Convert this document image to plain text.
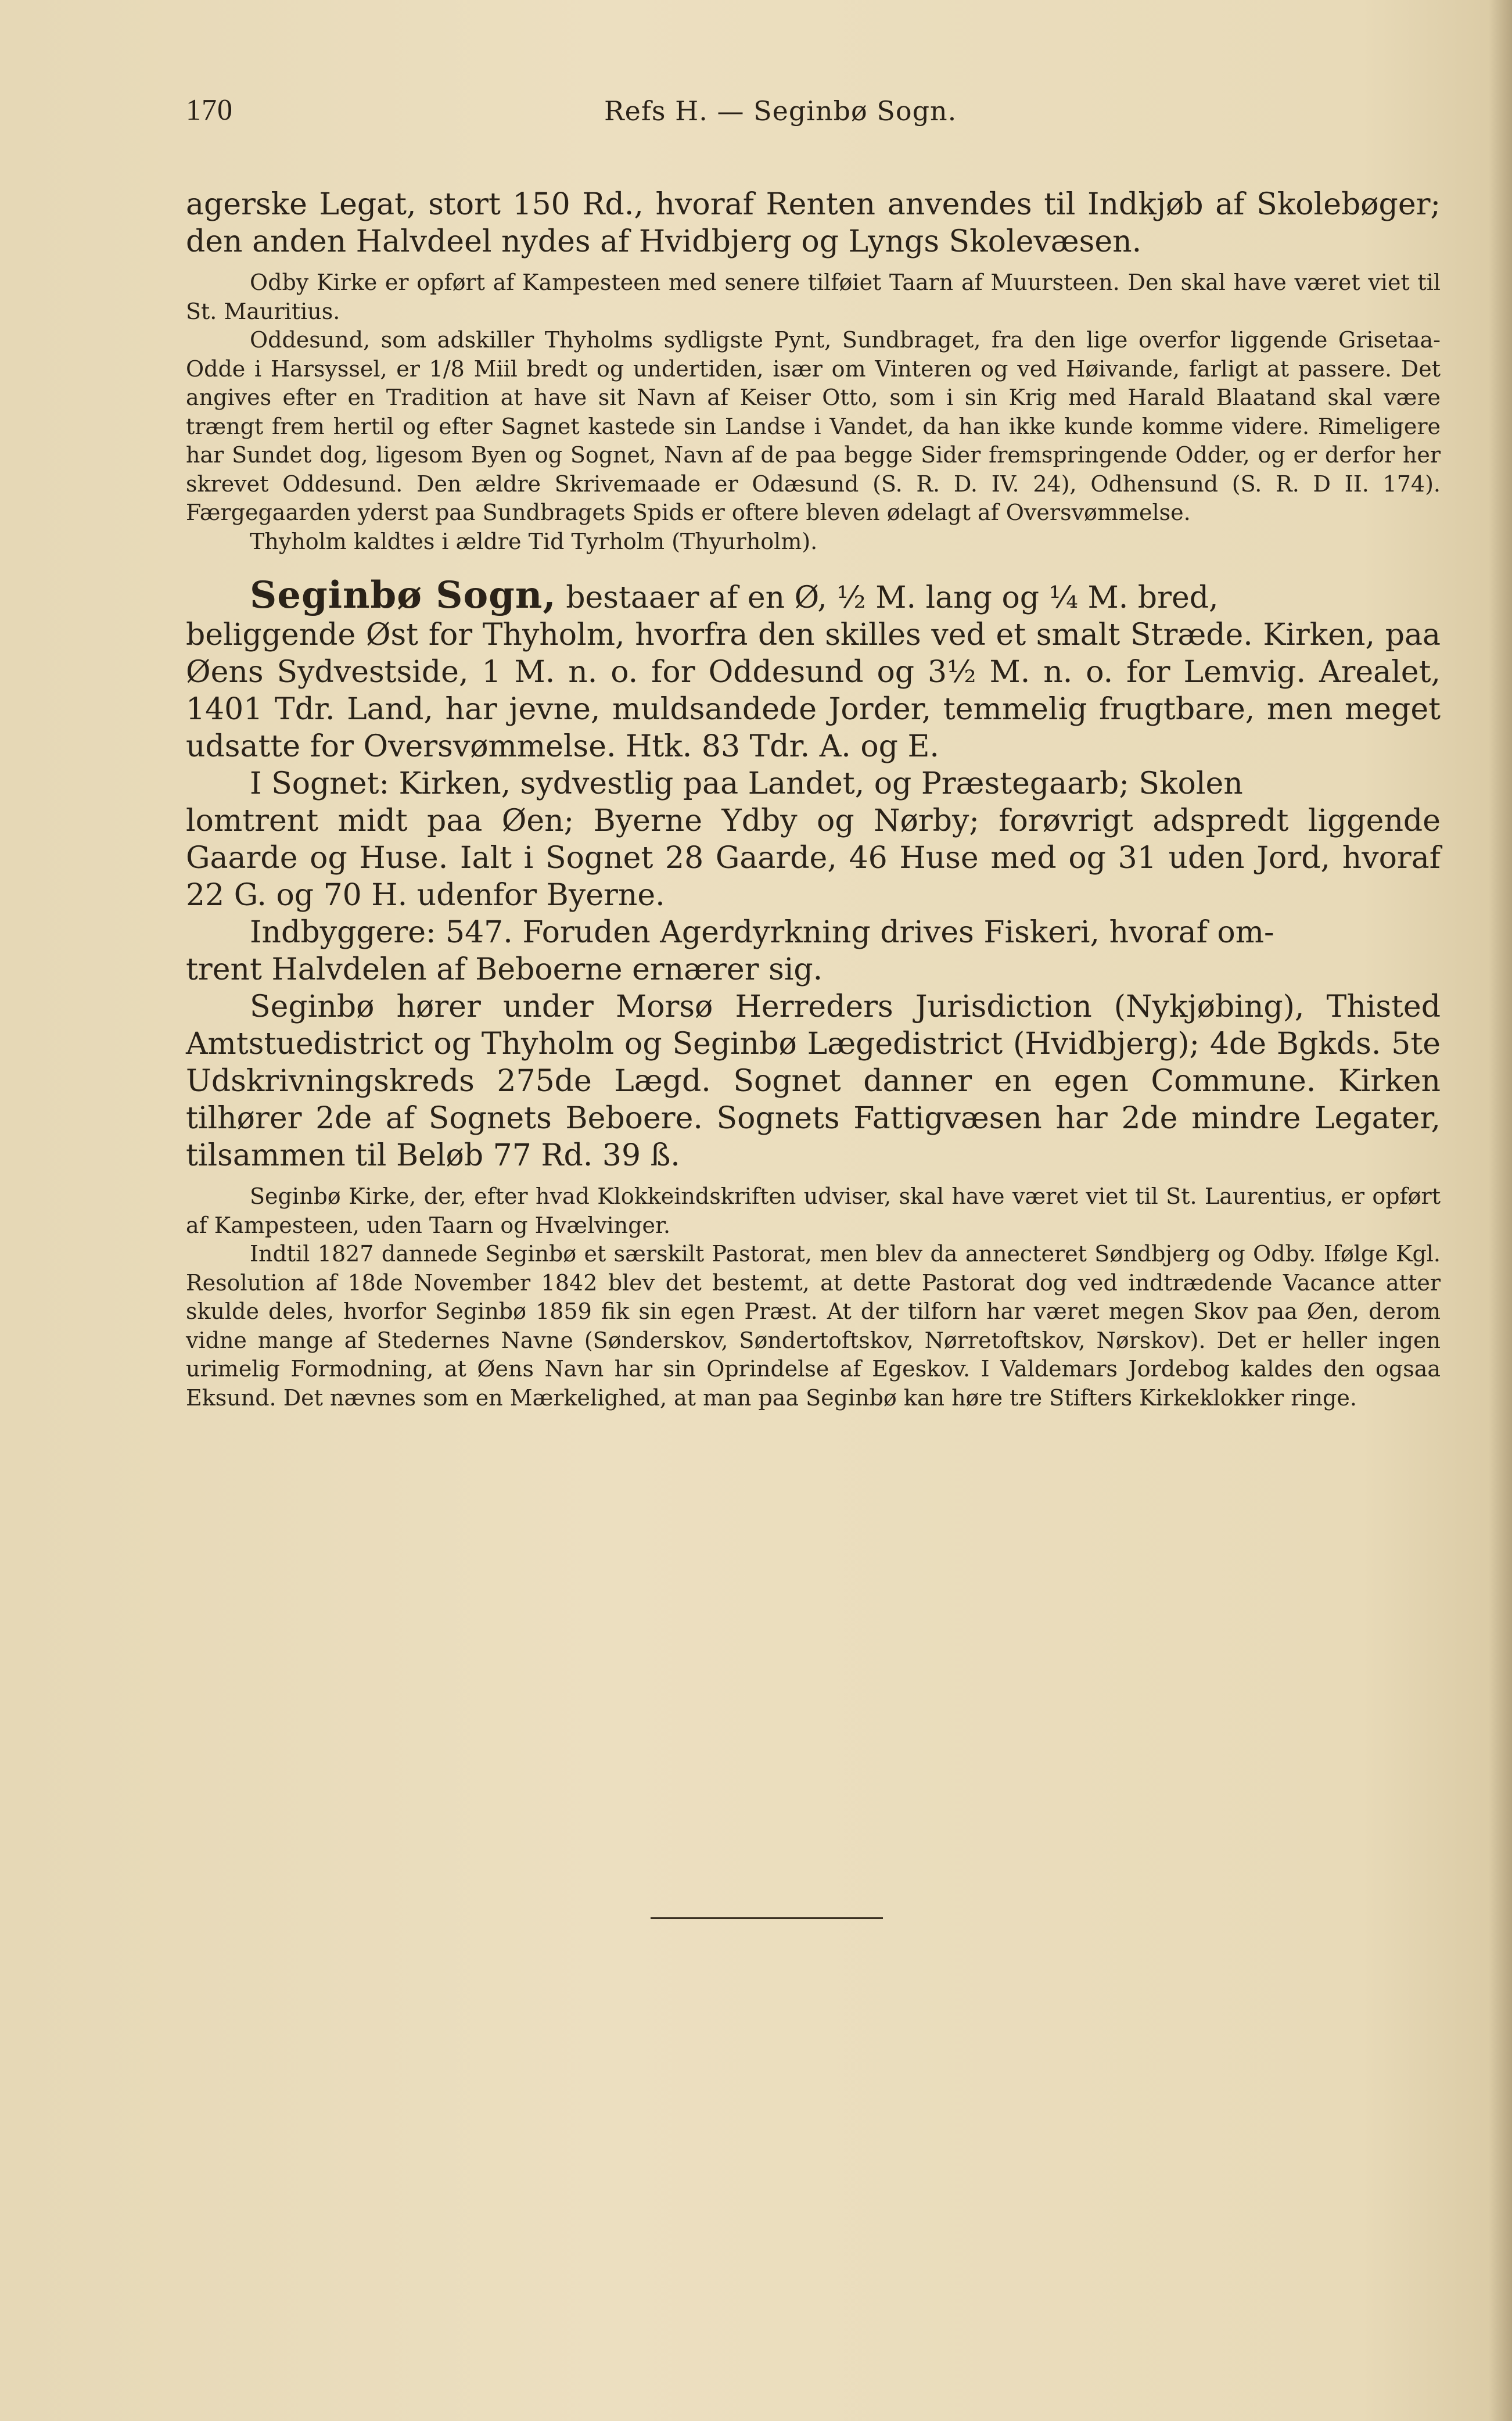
170	Refs H. — Seginbø Sogn.

agerske Legat, stort 150 Rd., hvoraf Renten anvendes til Indkjøb af Skolebøger; den anden Halvdeel nydes af Hvidbjerg og Lyngs Skolevæsen.

Odby Kirke er opført af Kampesteen med senere tilføiet Taarn af Muursteen. Den skal have været viet til St. Mauritius.

Oddesund, som adskiller Thyholms sydligste Pynt, Sundbraget, fra den lige overfor liggende Grisetaa-Odde i Harsyssel, er 1/8 Miil bredt og undertiden, især om Vinteren og ved Høivande, farligt at passere. Det angives efter en Tradition at have sit Navn af Keiser Otto, som i sin Krig med Harald Blaatand skal være trængt frem hertil og efter Sagnet kastede sin Landse i Vandet, da han ikke kunde komme videre. Rimeligere har Sundet dog, ligesom Byen og Sognet, Navn af de paa begge Sider fremspringende Odder, og er derfor her skrevet Oddesund. Den ældre Skrivemaade er Odæsund (S. R. D. IV. 24), Odhensund (S. R. D II. 174). Færgegaarden yderst paa Sundbragets Spids er oftere bleven ødelagt af Oversvømmelse.

Thyholm kaldtes i ældre Tid Tyrholm (Thyurholm).

Seginbø Sogn, bestaaer af en Ø, ½ M. lang og ¼ M. bred,

beliggende Øst for Thyholm, hvorfra den skilles ved et smalt Stræde. Kirken, paa Øens Sydvestside, 1 M. n. o. for Oddesund og 3½ M. n. o. for Lemvig. Arealet, 1401 Tdr. Land, har jevne, muldsandede Jorder, temmelig frugtbare, men meget udsatte for Oversvømmelse. Htk. 83 Tdr. A. og E.

I Sognet: Kirken, sydvestlig paa Landet, og Præstegaarb; Skolen

lomtrent midt paa Øen; Byerne Ydby og Nørby; forøvrigt adspredt liggende Gaarde og Huse. Ialt i Sognet 28 Gaarde, 46 Huse med og 31 uden Jord, hvoraf 22 G. og 70 H. udenfor Byerne.

Indbyggere: 547. Foruden Agerdyrkning drives Fiskeri, hvoraf om-

trent Halvdelen af Beboerne ernærer sig.

Seginbø hører under Morsø Herreders Jurisdiction (Nykjøbing), Thisted Amtstuedistrict og Thyholm og Seginbø Lægedistrict (Hvidbjerg); 4de Bgkds. 5te Udskrivningskreds 275de Lægd. Sognet danner en egen Commune. Kirken tilhører 2de af Sognets Beboere. Sognets Fattigvæsen har 2de mindre Legater, tilsammen til Beløb 77 Rd. 39 ß.

Seginbø Kirke, der, efter hvad Klokkeindskriften udviser, skal have været viet til St. Laurentius, er opført af Kampesteen, uden Taarn og Hvælvinger.

Indtil 1827 dannede Seginbø et særskilt Pastorat, men blev da annecteret Søndbjerg og Odby. Ifølge Kgl. Resolution af 18de November 1842 blev det bestemt, at dette Pastorat dog ved indtrædende Vacance atter skulde deles, hvorfor Seginbø 1859 fik sin egen Præst. At der tilforn har været megen Skov paa Øen, derom vidne mange af Stedernes Navne (Sønderskov, Søndertoftskov, Nørretoftskov, Nørskov). Det er heller ingen urimelig Formodning, at Øens Navn har sin Oprindelse af Egeskov. I Valdemars Jordebog kaldes den ogsaa Eksund. Det nævnes som en Mærkelighed, at man paa Seginbø kan høre tre Stifters Kirkeklokker ringe.
